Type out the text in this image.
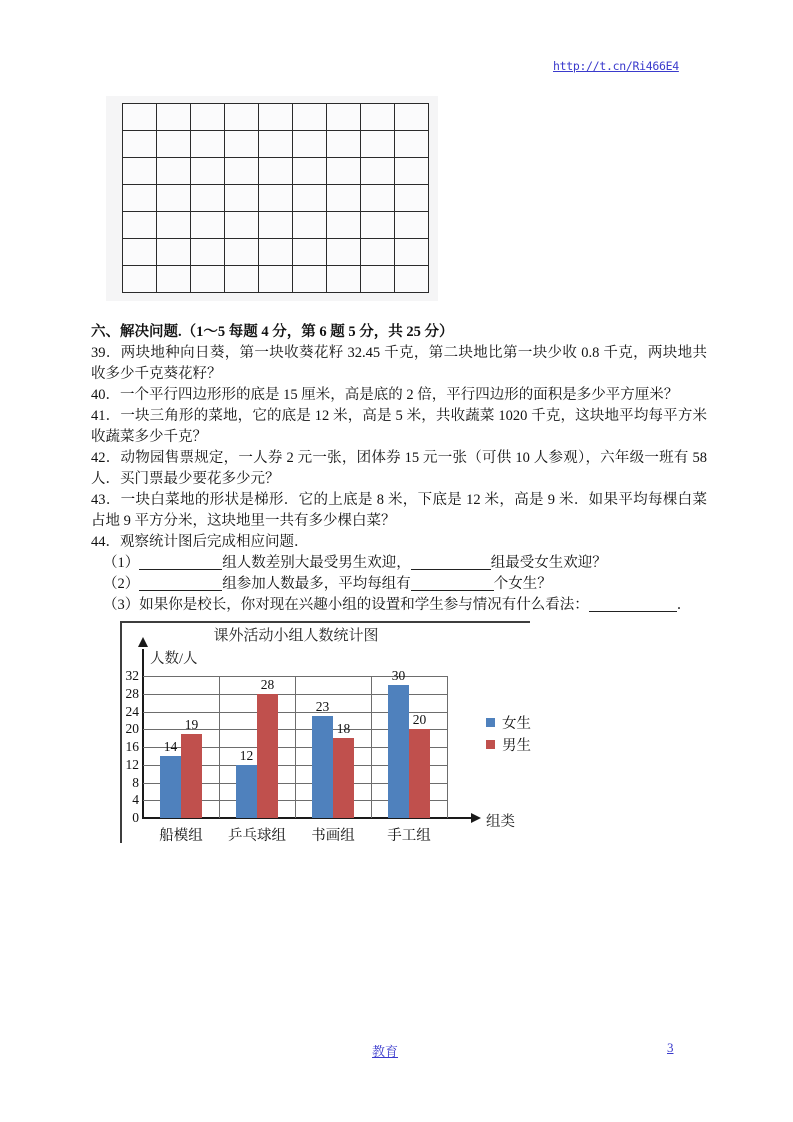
http://t.cn/Ri466E4

六、解决问题.（1～5 每题 4 分，第 6 题 5 分，共 25 分）

39．两块地种向日葵，第一块收葵花籽 32.45 千克，第二块地比第一块少收 0.8 千克，两块地共收多少千克葵花籽？

40．一个平行四边形形的底是 15 厘米，高是底的 2 倍，平行四边形的面积是多少平方厘米？

41．一块三角形的菜地，它的底是 12 米，高是 5 米，共收蔬菜 1020 千克，这块地平均每平方米收蔬菜多少千克？

42．动物园售票规定，一人券 2 元一张，团体券 15 元一张（可供 10 人参观），六年级一班有 58 人．买门票最少要花多少元？

43．一块白菜地的形状是梯形．它的上底是 8 米，下底是 12 米，高是 9 米．如果平均每棵白菜占地 9 平方分米，这块地里一共有多少棵白菜？

44．观察统计图后完成相应问题．

（1）	组人数差别大最受男生欢迎，	组最受女生欢迎？
（2）	组参加人数最多，平均每组有	个女生？
（3）如果你是校长，你对现在兴趣小组的设置和学生参与情况有什么看法：	．
课外活动小组人数统计图
人数/人
组类
0
4
8
12
16
20
24
28
32
14
19
船模组
12
28
乒乓球组
23
18
书画组
30
20
手工组
女生
男生
教育	3
